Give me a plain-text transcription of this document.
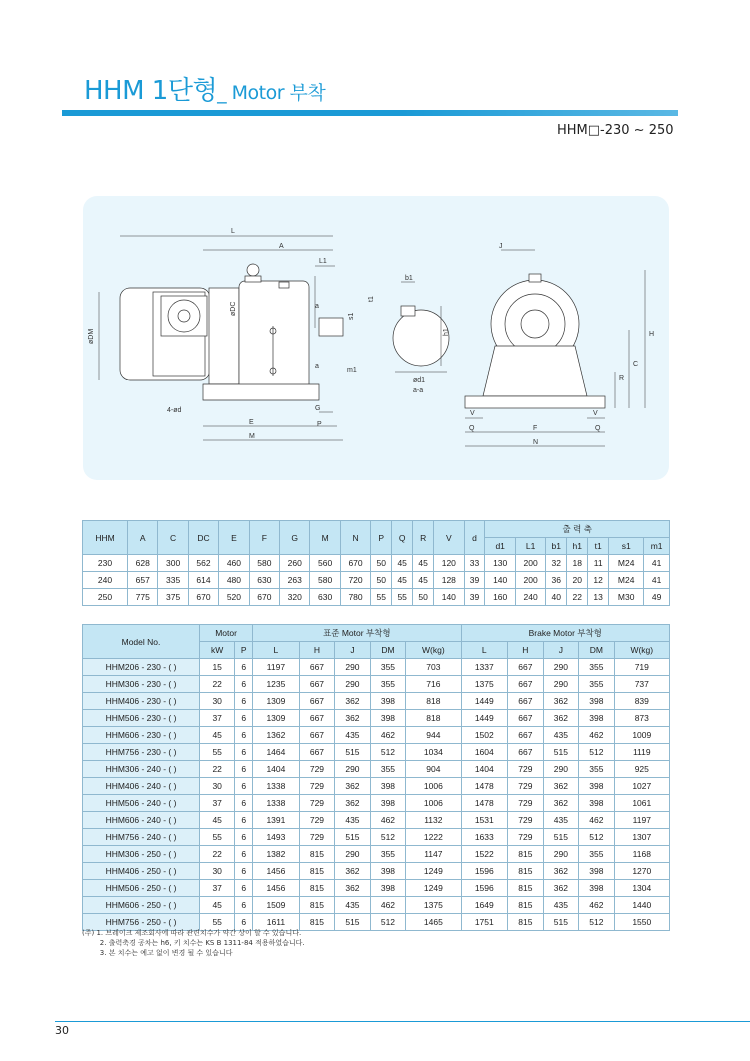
HHM 1단형_ Motor 부착
HHM□-230 ~ 250
L
A
L1
øDM
øDC	a
a
4-ød
E
M
G
P
s1
m1
b1
t1
h1
ød1
a-a
J
H
C
R
V	V
Q	Q
F
N
HHM	A	C	DC	E	F	G	M	N	P	Q	R	V	d	출 력 축						
														d1	L1	b1	h1	t1	s1	m1
230	628	300	562	460	580	260	560	670	50	45	45	120	33	130	200	32	18	11	M24	41
240	657	335	614	480	630	263	580	720	50	45	45	128	39	140	200	36	20	12	M24	41
250	775	375	670	520	670	320	630	780	55	55	50	140	39	160	240	40	22	13	M30	49
Model No.	Motor		표준 Motor 부착형					Brake Motor 부착형				
	kW	P	L	H	J	DM	W(kg)	L	H	J	DM	W(kg)
HHM206 - 230 - ( )	15	6	1197	667	290	355	703	1337	667	290	355	719
HHM306 - 230 - ( )	22	6	1235	667	290	355	716	1375	667	290	355	737
HHM406 - 230 - ( )	30	6	1309	667	362	398	818	1449	667	362	398	839
HHM506 - 230 - ( )	37	6	1309	667	362	398	818	1449	667	362	398	873
HHM606 - 230 - ( )	45	6	1362	667	435	462	944	1502	667	435	462	1009
HHM756 - 230 - ( )	55	6	1464	667	515	512	1034	1604	667	515	512	1119
HHM306 - 240 - ( )	22	6	1404	729	290	355	904	1404	729	290	355	925
HHM406 - 240 - ( )	30	6	1338	729	362	398	1006	1478	729	362	398	1027
HHM506 - 240 - ( )	37	6	1338	729	362	398	1006	1478	729	362	398	1061
HHM606 - 240 - ( )	45	6	1391	729	435	462	1132	1531	729	435	462	1197
HHM756 - 240 - ( )	55	6	1493	729	515	512	1222	1633	729	515	512	1307
HHM306 - 250 - ( )	22	6	1382	815	290	355	1147	1522	815	290	355	1168
HHM406 - 250 - ( )	30	6	1456	815	362	398	1249	1596	815	362	398	1270
HHM506 - 250 - ( )	37	6	1456	815	362	398	1249	1596	815	362	398	1304
HHM606 - 250 - ( )	45	6	1509	815	435	462	1375	1649	815	435	462	1440
HHM756 - 250 - ( )	55	6	1611	815	515	512	1465	1751	815	515	512	1550
(주) 1. 브레이크 제조회사에 따라 관련치수가 약간 상이 할 수 있습니다.
2. 출력축경 공차는 h6, 키 치수는 KS B 1311-84 적용하였습니다.
3. 본 치수는 예고 없이 변경 될 수 있습니다
30
